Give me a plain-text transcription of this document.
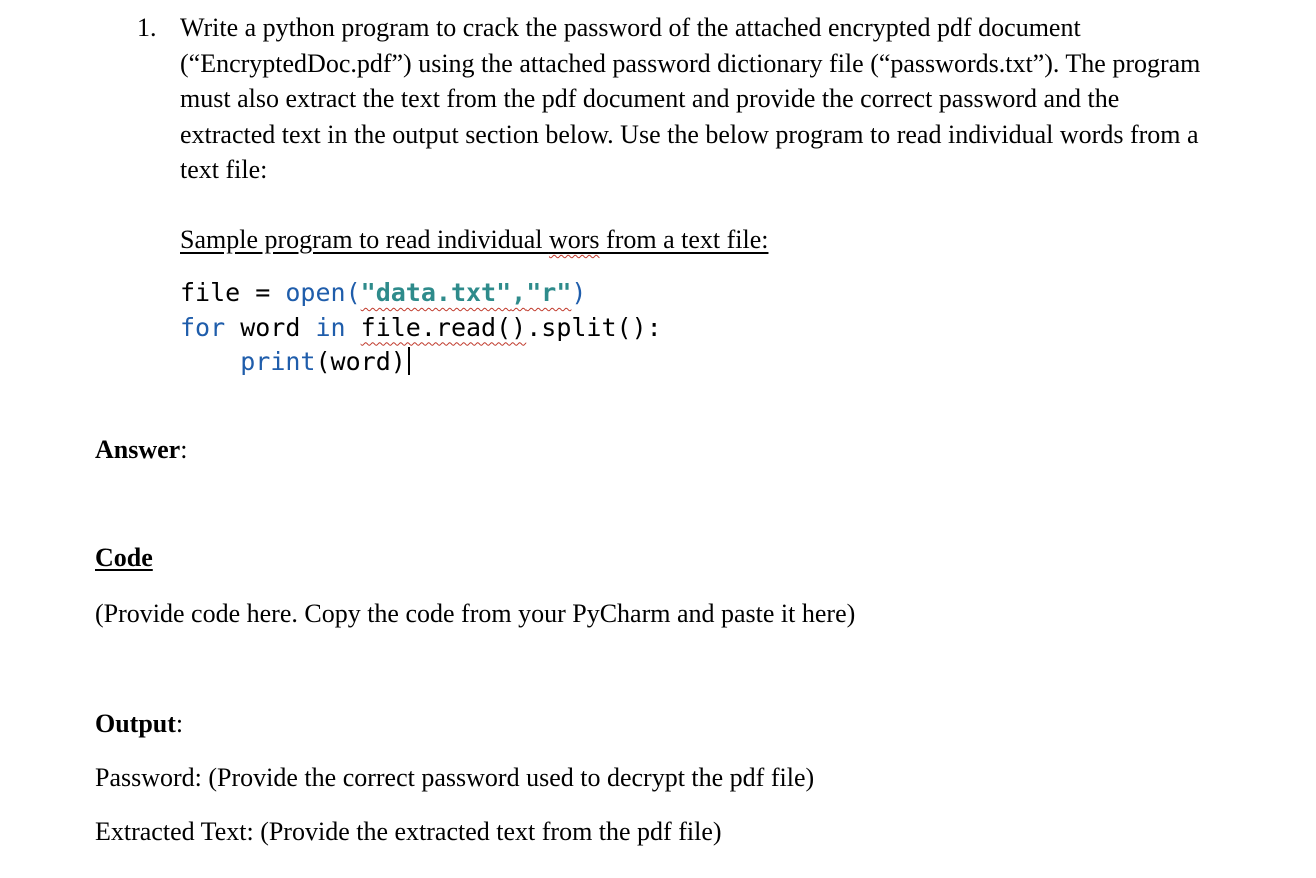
1. Write a python program to crack the password of the attached encrypted pdf document (“EncryptedDoc.pdf”) using the attached password dictionary file (“passwords.txt”). The program must also extract the text from the pdf document and provide the correct password and the extracted text in the output section below. Use the below program to read individual words from a text file:
Sample program to read individual wors from a text file:
file = open("data.txt","r")
for word in file.read().split():
print(word)
Answer:
Code
(Provide code here. Copy the code from your PyCharm and paste it here)
Output:
Password: (Provide the correct password used to decrypt the pdf file)
Extracted Text: (Provide the extracted text from the pdf file)
